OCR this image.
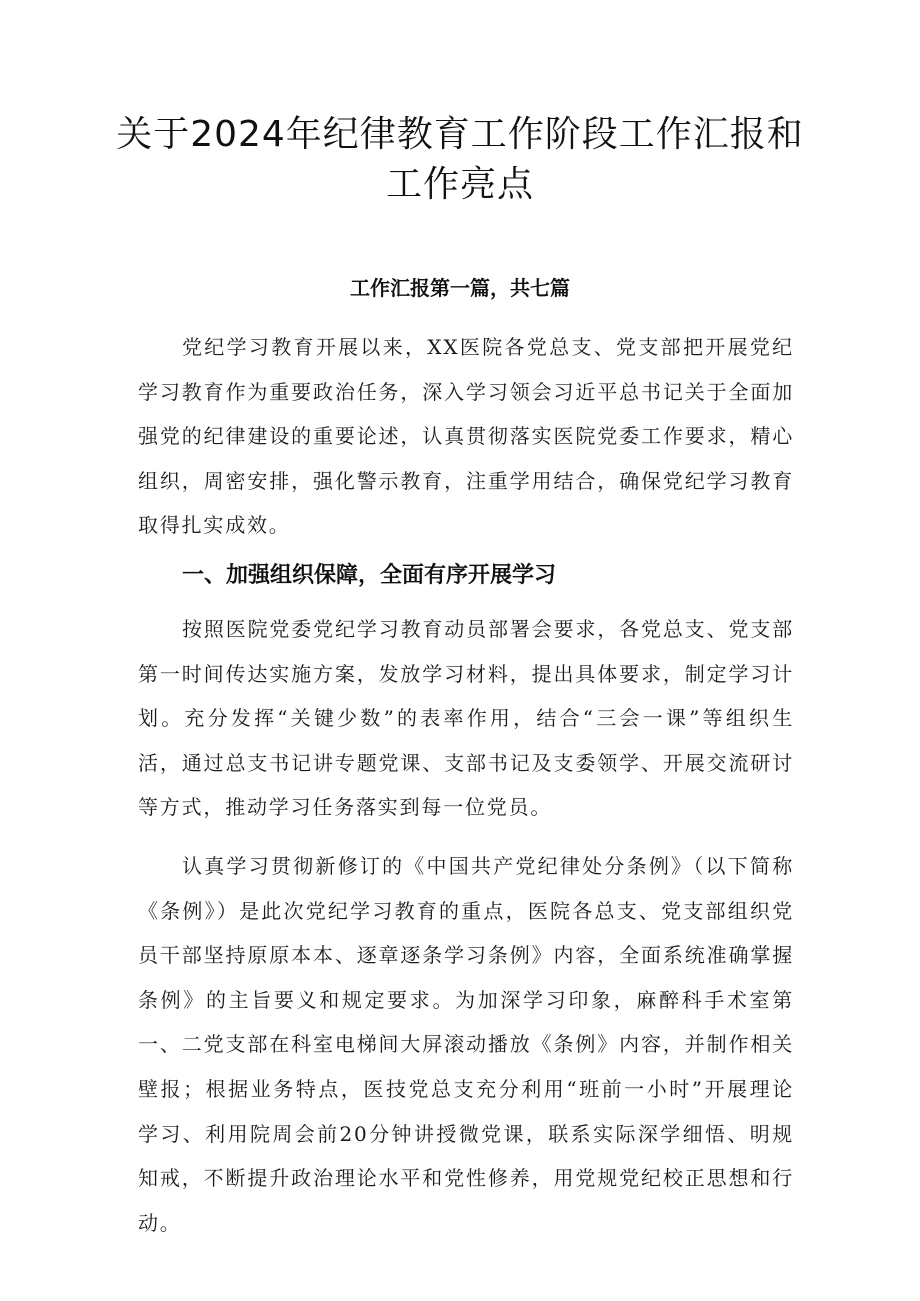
关于2024年纪律教育工作阶段工作汇报和
工作亮点
工作汇报第一篇，共七篇

党纪学习教育开展以来，XX医院各党总支、党支部把开展党纪学习教育作为重要政治任务，深入学习领会习近平总书记关于全面加强党的纪律建设的重要论述，认真贯彻落实医院党委工作要求，精心组织，周密安排，强化警示教育，注重学用结合，确保党纪学习教育取得扎实成效。

一、加强组织保障，全面有序开展学习

按照医院党委党纪学习教育动员部署会要求，各党总支、党支部第一时间传达实施方案，发放学习材料，提出具体要求，制定学习计划。充分发挥“关键少数”的表率作用，结合“三会一课”等组织生活，通过总支书记讲专题党课、支部书记及支委领学、开展交流研讨等方式，推动学习任务落实到每一位党员。

认真学习贯彻新修订的《中国共产党纪律处分条例》（以下简称《条例》）是此次党纪学习教育的重点，医院各总支、党支部组织党员干部坚持原原本本、逐章逐条学习条例》内容，全面系统准确掌握条例》的主旨要义和规定要求。为加深学习印象，麻醉科手术室第一、二党支部在科室电梯间大屏滚动播放《条例》内容，并制作相关壁报；根据业务特点，医技党总支充分利用“班前一小时”开展理论学习、利用院周会前20分钟讲授微党课，联系实际深学细悟、明规知戒，不断提升政治理论水平和党性修养，用党规党纪校正思想和行动。
